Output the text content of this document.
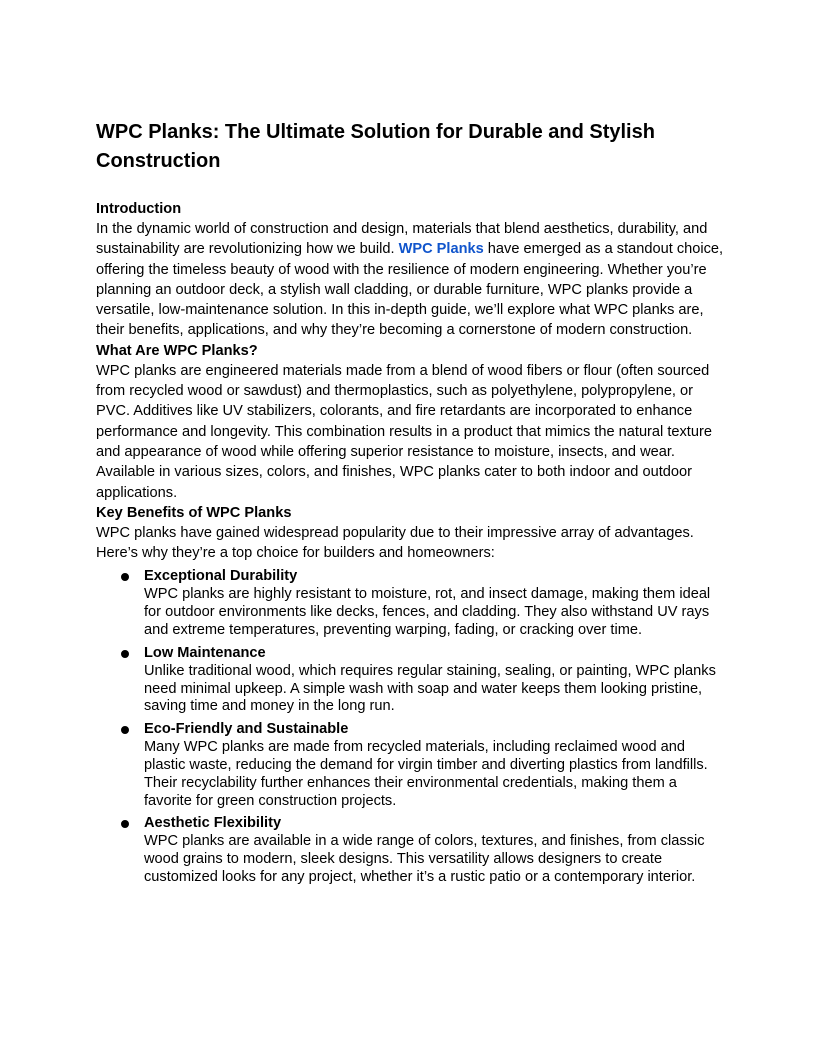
WPC Planks: The Ultimate Solution for Durable and Stylish Construction
Introduction

In the dynamic world of construction and design, materials that blend aesthetics, durability, and sustainability are revolutionizing how we build. WPC Planks have emerged as a standout choice, offering the timeless beauty of wood with the resilience of modern engineering. Whether you’re planning an outdoor deck, a stylish wall cladding, or durable furniture, WPC planks provide a versatile, low-maintenance solution. In this in-depth guide, we’ll explore what WPC planks are, their benefits, applications, and why they’re becoming a cornerstone of modern construction.

What Are WPC Planks?

WPC planks are engineered materials made from a blend of wood fibers or flour (often sourced from recycled wood or sawdust) and thermoplastics, such as polyethylene, polypropylene, or PVC. Additives like UV stabilizers, colorants, and fire retardants are incorporated to enhance performance and longevity. This combination results in a product that mimics the natural texture and appearance of wood while offering superior resistance to moisture, insects, and wear. Available in various sizes, colors, and finishes, WPC planks cater to both indoor and outdoor applications.

Key Benefits of WPC Planks

WPC planks have gained widespread popularity due to their impressive array of advantages. Here’s why they’re a top choice for builders and homeowners:

Exceptional Durability
WPC planks are highly resistant to moisture, rot, and insect damage, making them ideal for outdoor environments like decks, fences, and cladding. They also withstand UV rays and extreme temperatures, preventing warping, fading, or cracking over time.
Low Maintenance
Unlike traditional wood, which requires regular staining, sealing, or painting, WPC planks need minimal upkeep. A simple wash with soap and water keeps them looking pristine, saving time and money in the long run.
Eco-Friendly and Sustainable
Many WPC planks are made from recycled materials, including reclaimed wood and plastic waste, reducing the demand for virgin timber and diverting plastics from landfills. Their recyclability further enhances their environmental credentials, making them a favorite for green construction projects.
Aesthetic Flexibility
WPC planks are available in a wide range of colors, textures, and finishes, from classic wood grains to modern, sleek designs. This versatility allows designers to create customized looks for any project, whether it’s a rustic patio or a contemporary interior.
